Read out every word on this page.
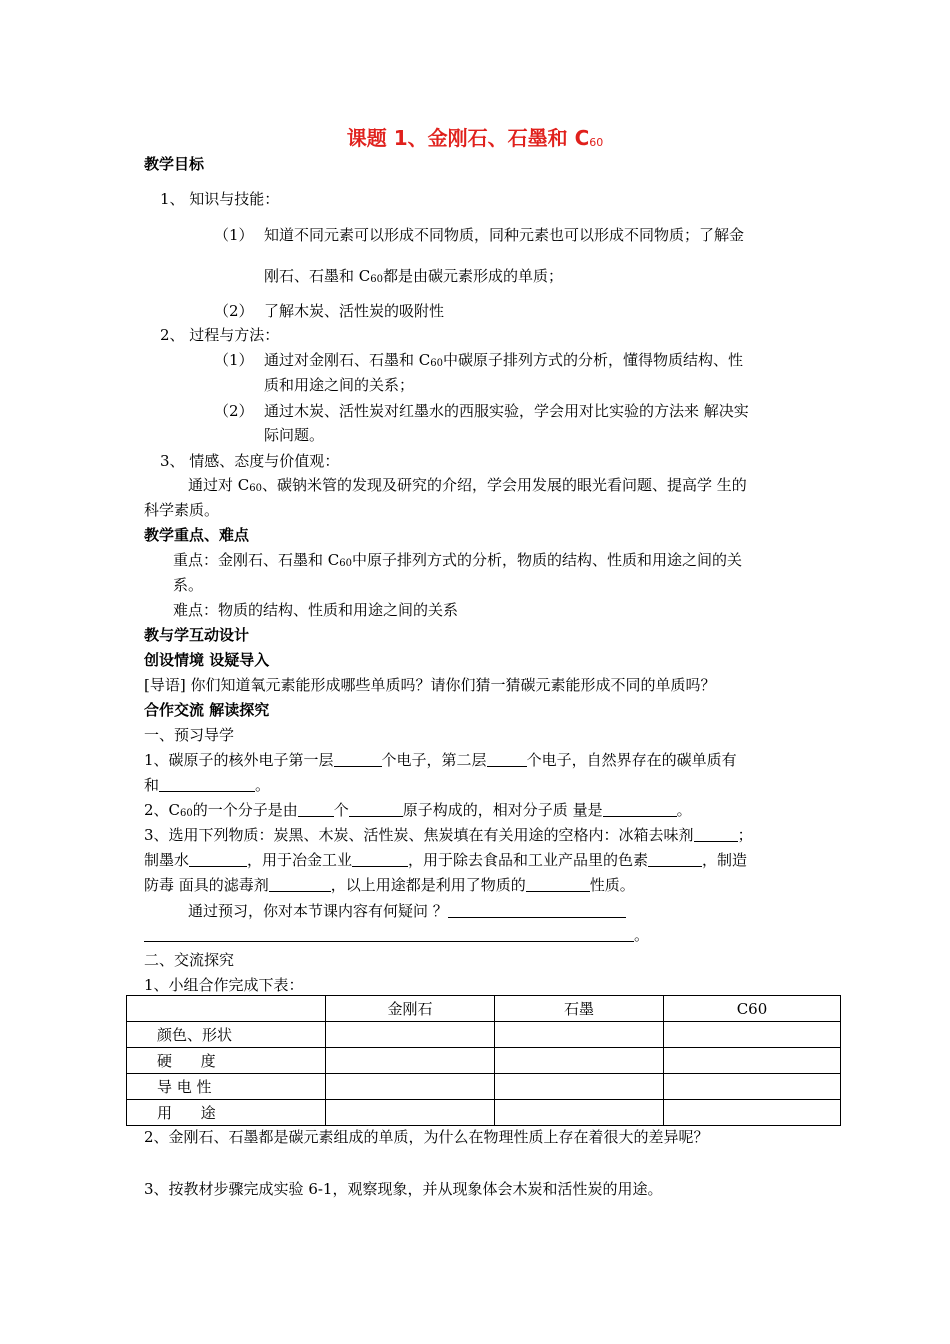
课题 1、金刚石、石墨和 $C_{60}$
教学目标
1、 知识与技能：
（1） 知道不同元素可以形成不同物质，同种元素也可以形成不同物质；了解金
刚石、石墨和 C60都是由碳元素形成的单质；
（2） 了解木炭、活性炭的吸附性
2、 过程与方法：
（1） 通过对金刚石、石墨和 C60中碳原子排列方式的分析，懂得物质结构、性
质和用途之间的关系；
（2） 通过木炭、活性炭对红墨水的西服实验，学会用对比实验的方法来 解决实
际问题。
3、 情感、态度与价值观：
通过对 C60、碳钠米管的发现及研究的介绍，学会用发展的眼光看问题、提高学 生的
科学素质。
教学重点、难点
重点：金刚石、石墨和 C60中原子排列方式的分析，物质的结构、性质和用途之间的关
系。
难点：物质的结构、性质和用途之间的关系
教与学互动设计
创设情境 设疑导入
[导语] 你们知道氧元素能形成哪些单质吗？请你们猜一猜碳元素能形成不同的单质吗？
合作交流 解读探究
一、预习导学
1、碳原子的核外电子第一层	个电子，第二层	个电子，自然界存在的碳单质有
和	。
2、C60的一个分子是由 个	原子构成的，相对分子质 量是	。
3、选用下列物质：炭黑、木炭、活性炭、焦炭填在有关用途的空格内：冰箱去味剂	；
制墨水	，用于冶金工业	，用于除去食品和工业产品里的色素	，制造
防毒 面具的滤毒剂	，以上用途都是利用了物质的	性质。
通过预习，你对本节课内容有何疑问 ？
。
二、交流探究
1、小组合作完成下表：
	金刚石	石墨	C60
颜色、形状			
硬      度			
导 电 性			
用      途			
2、金刚石、石墨都是碳元素组成的单质，为什么在物理性质上存在着很大的差异呢？
3、按教材步骤完成实验 6-1，观察现象，并从现象体会木炭和活性炭的用途。
